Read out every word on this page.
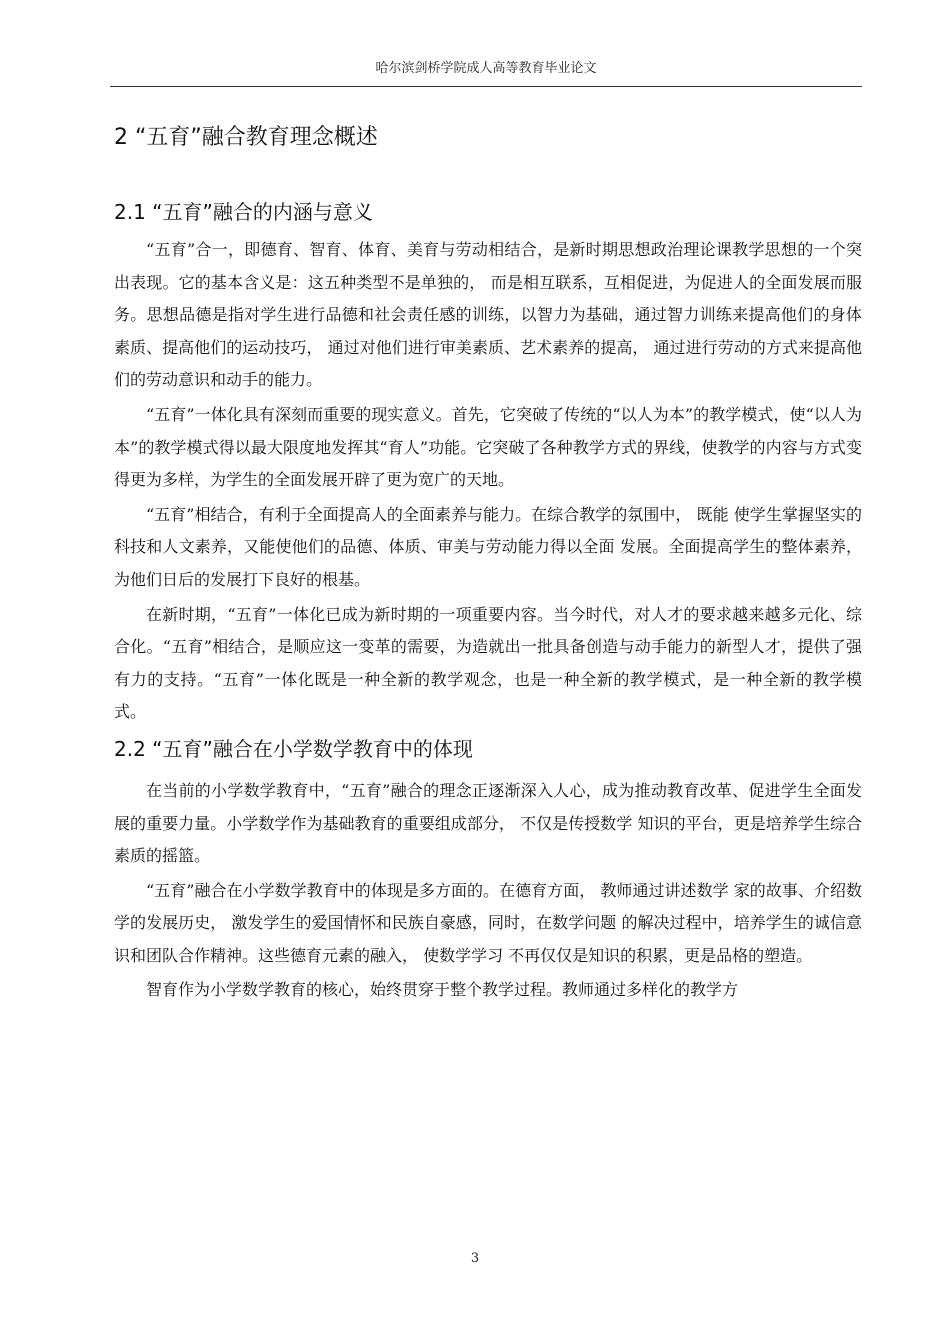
哈尔滨剑桥学院成人高等教育毕业论文
2 “五育”融合教育理念概述
2.1 “五育”融合的内涵与意义

“五育”合一，即德育、智育、体育、美育与劳动相结合，是新时期思想政治理论课教学思想的一个突出表现。它的基本含义是：这五种类型不是单独的， 而是相互联系，互相促进，为促进人的全面发展而服务。思想品德是指对学生进行品德和社会责任感的训练，以智力为基础，通过智力训练来提高他们的身体素质、提高他们的运动技巧， 通过对他们进行审美素质、艺术素养的提高， 通过进行劳动的方式来提高他们的劳动意识和动手的能力。

“五育”一体化具有深刻而重要的现实意义。首先，它突破了传统的“以人为本”的教学模式，使“以人为本”的教学模式得以最大限度地发挥其“育人”功能。它突破了各种教学方式的界线，使教学的内容与方式变得更为多样，为学生的全面发展开辟了更为宽广的天地。

“五育”相结合，有利于全面提高人的全面素养与能力。在综合教学的氛围中， 既能 使学生掌握坚实的科技和人文素养，又能使他们的品德、体质、审美与劳动能力得以全面 发展。全面提高学生的整体素养，为他们日后的发展打下良好的根基。

在新时期，“五育”一体化已成为新时期的一项重要内容。当今时代，对人才的要求越来越多元化、综合化。“五育”相结合，是顺应这一变革的需要，为造就出一批具备创造与动手能力的新型人才，提供了强有力的支持。“五育”一体化既是一种全新的教学观念，也是一种全新的教学模式，是一种全新的教学模式。

2.2 “五育”融合在小学数学教育中的体现

在当前的小学数学教育中，“五育”融合的理念正逐渐深入人心，成为推动教育改革、促进学生全面发展的重要力量。小学数学作为基础教育的重要组成部分， 不仅是传授数学 知识的平台，更是培养学生综合素质的摇篮。

“五育”融合在小学数学教育中的体现是多方面的。在德育方面， 教师通过讲述数学 家的故事、介绍数学的发展历史， 激发学生的爱国情怀和民族自豪感，同时，在数学问题 的解决过程中，培养学生的诚信意识和团队合作精神。这些德育元素的融入， 使数学学习 不再仅仅是知识的积累，更是品格的塑造。

智育作为小学数学教育的核心，始终贯穿于整个教学过程。教师通过多样化的教学方

3
